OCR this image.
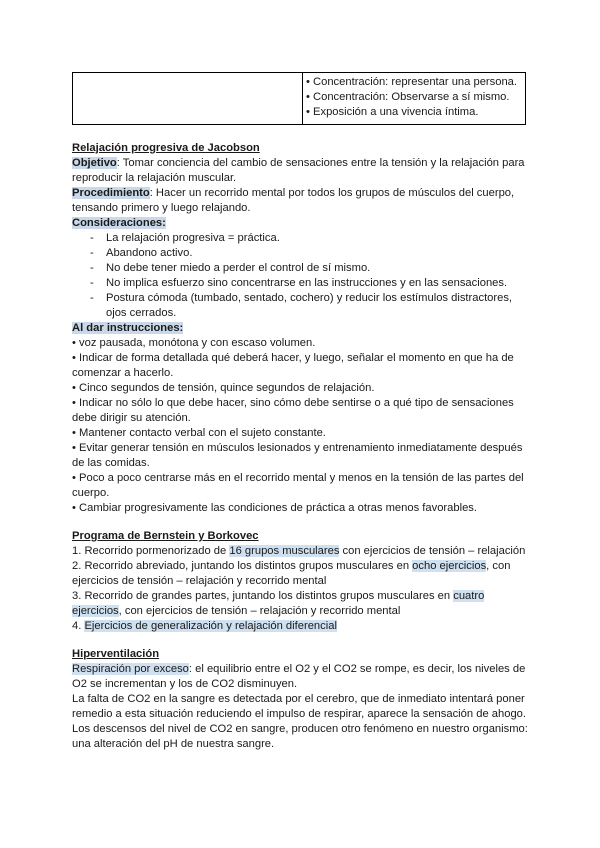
• Concentración: representar una persona.
• Concentración: Observarse a sí mismo.
• Exposición a una vivencia íntima.
Relajación progresiva de Jacobson

Objetivo: Tomar conciencia del cambio de sensaciones entre la tensión y la relajación para reproducir la relajación muscular.

Procedimiento: Hacer un recorrido mental por todos los grupos de músculos del cuerpo, tensando primero y luego relajando.

Consideraciones:

- La relajación progresiva = práctica.
- Abandono activo.
- No debe tener miedo a perder el control de sí mismo.
- No implica esfuerzo sino concentrarse en las instrucciones y en las sensaciones.
- Postura cómoda (tumbado, sentado, cochero) y reducir los estímulos distractores, ojos cerrados.

Al dar instrucciones:

• voz pausada, monótona y con escaso volumen.

• Indicar de forma detallada qué deberá hacer, y luego, señalar el momento en que ha de comenzar a hacerlo.

• Cinco segundos de tensión, quince segundos de relajación.

• Indicar no sólo lo que debe hacer, sino cómo debe sentirse o a qué tipo de sensaciones debe dirigir su atención.

• Mantener contacto verbal con el sujeto constante.

• Evitar generar tensión en músculos lesionados y entrenamiento inmediatamente después de las comidas.

• Poco a poco centrarse más en el recorrido mental y menos en la tensión de las partes del cuerpo.

• Cambiar progresivamente las condiciones de práctica a otras menos favorables.

Programa de Bernstein y Borkovec

1. Recorrido pormenorizado de 16 grupos musculares con ejercicios de tensión – relajación

2. Recorrido abreviado, juntando los distintos grupos musculares en ocho ejercicios, con ejercicios de tensión – relajación y recorrido mental

3. Recorrido de grandes partes, juntando los distintos grupos musculares en cuatro ejercicios, con ejercicios de tensión – relajación y recorrido mental

4. Ejercicios de generalización y relajación diferencial

Hiperventilación

Respiración por exceso: el equilibrio entre el O2 y el CO2 se rompe, es decir, los niveles de O2 se incrementan y los de CO2 disminuyen.

La falta de CO2 en la sangre es detectada por el cerebro, que de inmediato intentará poner remedio a esta situación reduciendo el impulso de respirar, aparece la sensación de ahogo.

Los descensos del nivel de CO2 en sangre, producen otro fenómeno en nuestro organismo: una alteración del pH de nuestra sangre.
